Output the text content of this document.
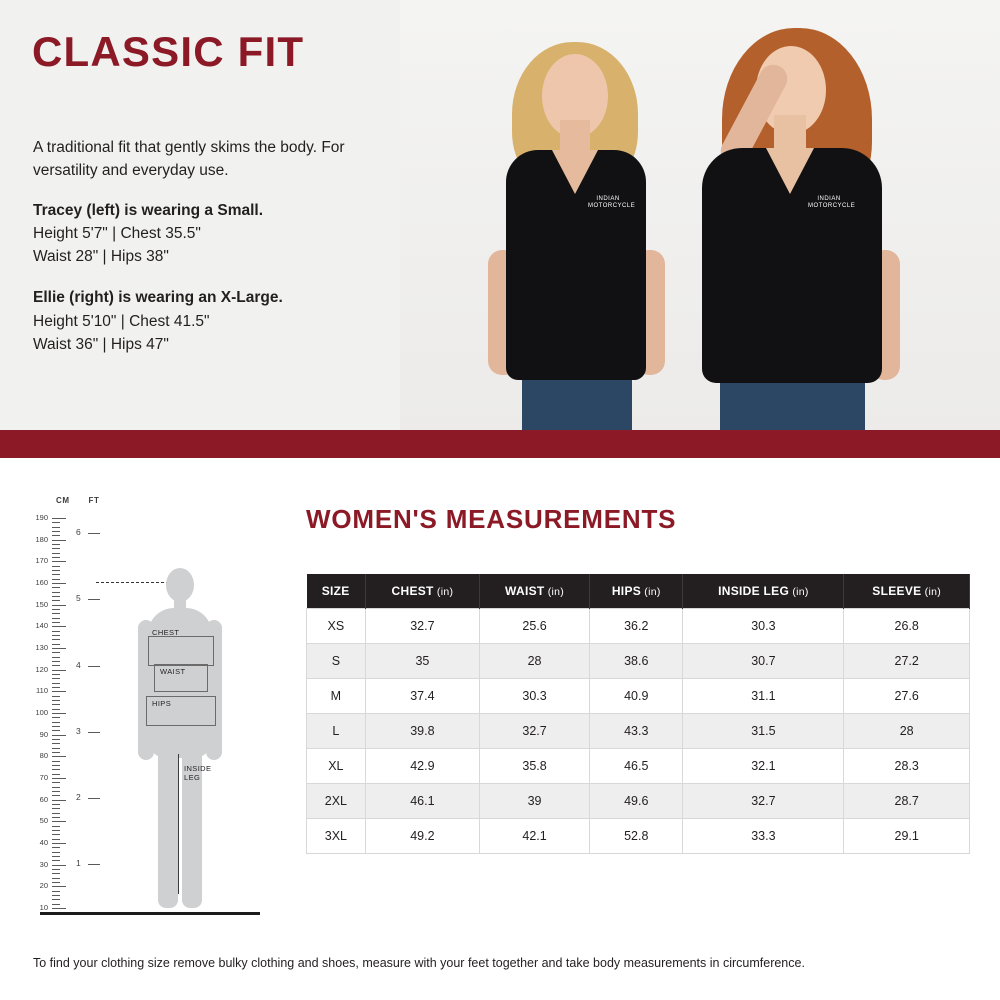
CLASSIC FIT

A traditional fit that gently skims the body. For versatility and everyday use.

Tracey (left) is wearing a Small.
Height 5'7" | Chest 35.5"
Waist 28" | Hips 38"
Ellie (right) is wearing an X-Large.
Height 5'10" | Chest 41.5"
Waist 36" | Hips 47"
INDIAN MOTORCYCLE
INDIAN MOTORCYCLE
CM FT
190
180
170
160
150
140
130
120
110
100
90
80
70
60
50
40
30
20
10
6
5
4
3
2
1
CHEST
WAIST
HIPS
INSIDE LEG
WOMEN'S MEASUREMENTS
SIZE	CHEST (in)	WAIST (in)	HIPS (in)	INSIDE LEG (in)	SLEEVE (in)
XS	32.7	25.6	36.2	30.3	26.8
S	35	28	38.6	30.7	27.2
M	37.4	30.3	40.9	31.1	27.6
L	39.8	32.7	43.3	31.5	28
XL	42.9	35.8	46.5	32.1	28.3
2XL	46.1	39	49.6	32.7	28.7
3XL	49.2	42.1	52.8	33.3	29.1
To find your clothing size remove bulky clothing and shoes, measure with your feet together and take body measurements in circumference.
